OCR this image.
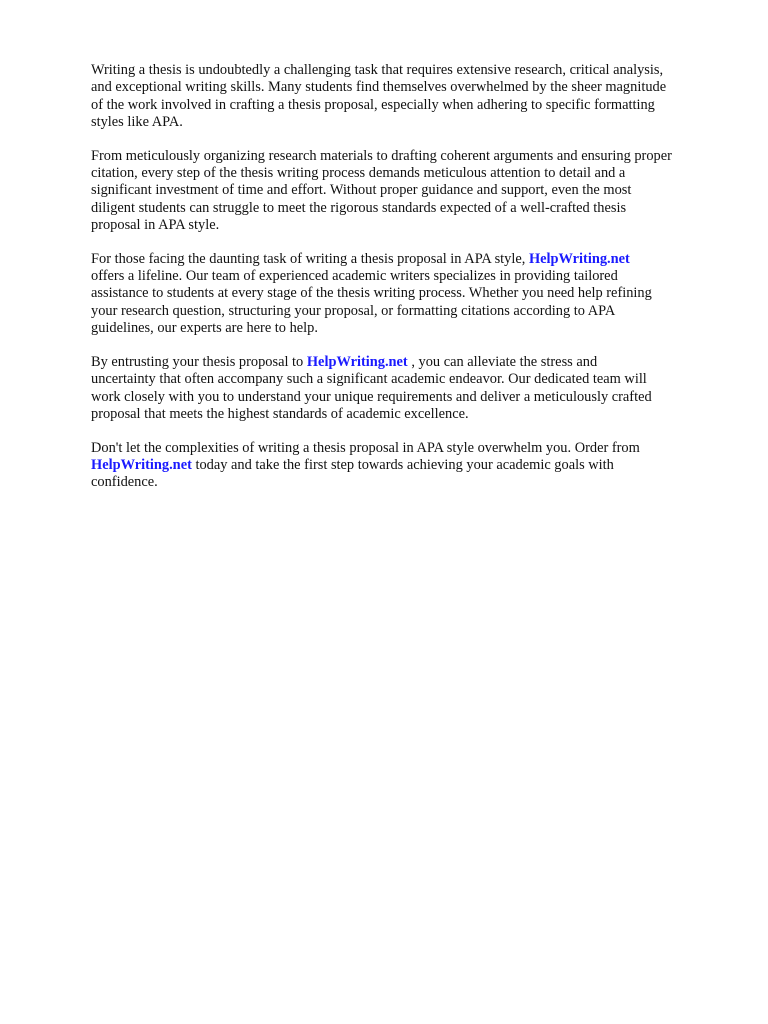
Writing a thesis is undoubtedly a challenging task that requires extensive research, critical analysis,
and exceptional writing skills. Many students find themselves overwhelmed by the sheer magnitude
of the work involved in crafting a thesis proposal, especially when adhering to specific formatting
styles like APA.

From meticulously organizing research materials to drafting coherent arguments and ensuring proper
citation, every step of the thesis writing process demands meticulous attention to detail and a
significant investment of time and effort. Without proper guidance and support, even the most
diligent students can struggle to meet the rigorous standards expected of a well-crafted thesis
proposal in APA style.

For those facing the daunting task of writing a thesis proposal in APA style, HelpWriting.net
offers a lifeline. Our team of experienced academic writers specializes in providing tailored
assistance to students at every stage of the thesis writing process. Whether you need help refining
your research question, structuring your proposal, or formatting citations according to APA
guidelines, our experts are here to help.

By entrusting your thesis proposal to HelpWriting.net , you can alleviate the stress and
uncertainty that often accompany such a significant academic endeavor. Our dedicated team will
work closely with you to understand your unique requirements and deliver a meticulously crafted
proposal that meets the highest standards of academic excellence.

Don't let the complexities of writing a thesis proposal in APA style overwhelm you. Order from
HelpWriting.net today and take the first step towards achieving your academic goals with
confidence.
